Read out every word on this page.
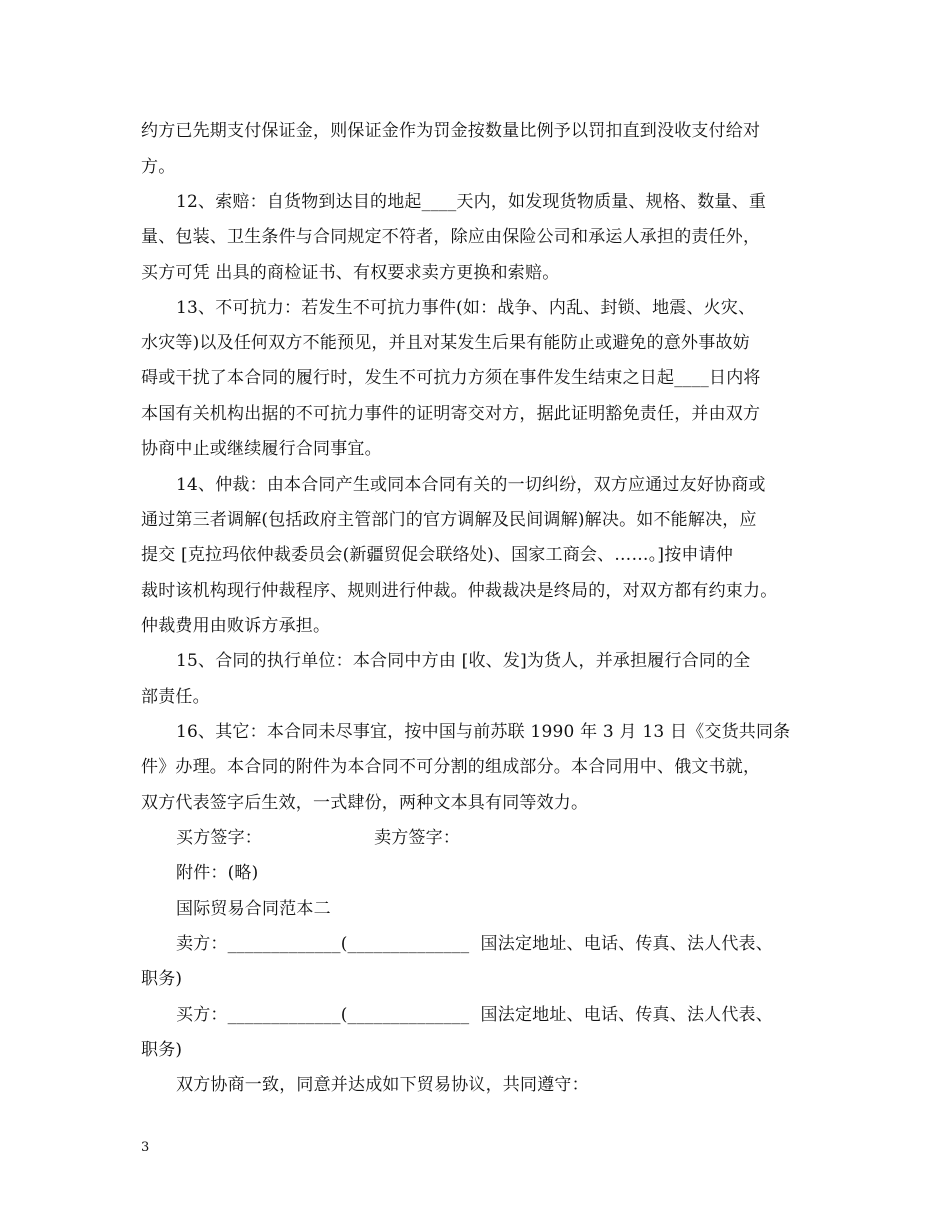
约方已先期支付保证金，则保证金作为罚金按数量比例予以罚扣直到没收支付给对
方。
12、索赔：自货物到达目的地起____天内，如发现货物质量、规格、数量、重
量、包装、卫生条件与合同规定不符者，除应由保险公司和承运人承担的责任外，
买方可凭 出具的商检证书、有权要求卖方更换和索赔。
13、不可抗力：若发生不可抗力事件(如：战争、内乱、封锁、地震、火灾、
水灾等)以及任何双方不能预见，并且对某发生后果有能防止或避免的意外事故妨
碍或干扰了本合同的履行时，发生不可抗力方须在事件发生结束之日起____日内将
本国有关机构出据的不可抗力事件的证明寄交对方，据此证明豁免责任，并由双方
协商中止或继续履行合同事宜。
14、仲裁：由本合同产生或同本合同有关的一切纠纷，双方应通过友好协商或
通过第三者调解(包括政府主管部门的官方调解及民间调解)解决。如不能解决，应
提交 [克拉玛依仲裁委员会(新疆贸促会联络处)、国家工商会、……。]按申请仲
裁时该机构现行仲裁程序、规则进行仲裁。仲裁裁决是终局的，对双方都有约束力。
仲裁费用由败诉方承担。
15、合同的执行单位：本合同中方由 [收、发]为货人，并承担履行合同的全
部责任。
16、其它：本合同未尽事宜，按中国与前苏联 1990 年 3 月 13 日《交货共同条
件》办理。本合同的附件为本合同不可分割的组成部分。本合同用中、俄文书就，
双方代表签字后生效，一式肆份，两种文本具有同等效力。
买方签字：                    卖方签字：
附件：(略)
国际贸易合同范本二
卖方：_____________(______________  国法定地址、电话、传真、法人代表、
职务)
买方：_____________(______________  国法定地址、电话、传真、法人代表、
职务)
双方协商一致，同意并达成如下贸易协议，共同遵守：
3
